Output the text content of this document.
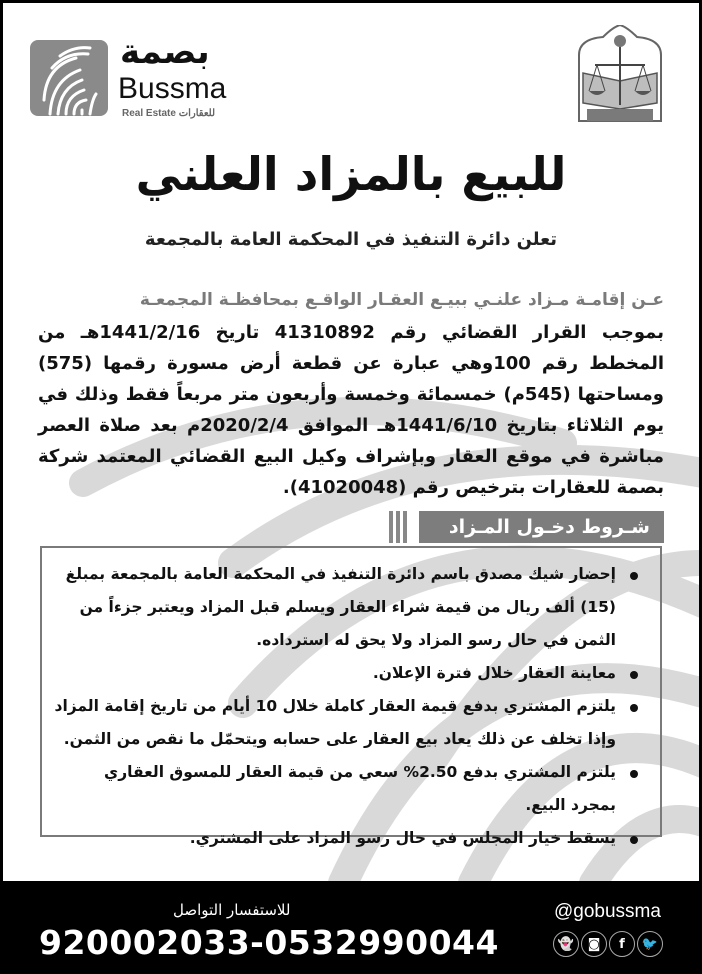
بصمة
Bussma
Real Estate للعقارات
للبيع بالمزاد العلني
تعلن دائرة التنفيذ في المحكمة العامة بالمجمعة
عـن إقامـة مـزاد علنـي ببيـع العقـار الواقـع بمحافظـة المجمعـة
بموجب القرار القضائي رقم 41310892 تاريخ 1441/2/16هـ من المخطط رقم 100وهي عبارة عن قطعة أرض مسورة رقمها (575) ومساحتها (545م) خمسمائة وخمسة وأربعون متر مربعاً فقط وذلك في يوم الثلاثاء بتاريخ 1441/6/10هـ الموافق 2020/2/4م بعد صلاة العصر مباشرة في موقع العقار وبإشراف وكيل البيع القضائي المعتمد شركة بصمة للعقارات بترخيص رقم (41020048).
شـروط دخـول المـزاد
إحضار شيك مصدق باسم دائرة التنفيذ في المحكمة العامة بالمجمعة بمبلغ (15) ألف ريال من قيمة شراء العقار ويسلم قبل المزاد ويعتبر جزءاً من الثمن في حال رسو المزاد ولا يحق له استرداده.
معاينة العقار خلال فترة الإعلان.
يلتزم المشتري بدفع قيمة العقار كاملة خلال 10 أيام من تاريخ إقامة المزاد وإذا تخلف عن ذلك يعاد بيع العقار على حسابه ويتحمّل ما نقص من الثمن.
يلتزم المشتري بدفع 2.50% سعي من قيمة العقار للمسوق العقاري بمجرد البيع.
يسقط خيار المجلس في حال رسو المزاد على المشتري.
للاستفسار التواصل
920002033-0532990044
@gobussma
👻	◙	f	🐦
